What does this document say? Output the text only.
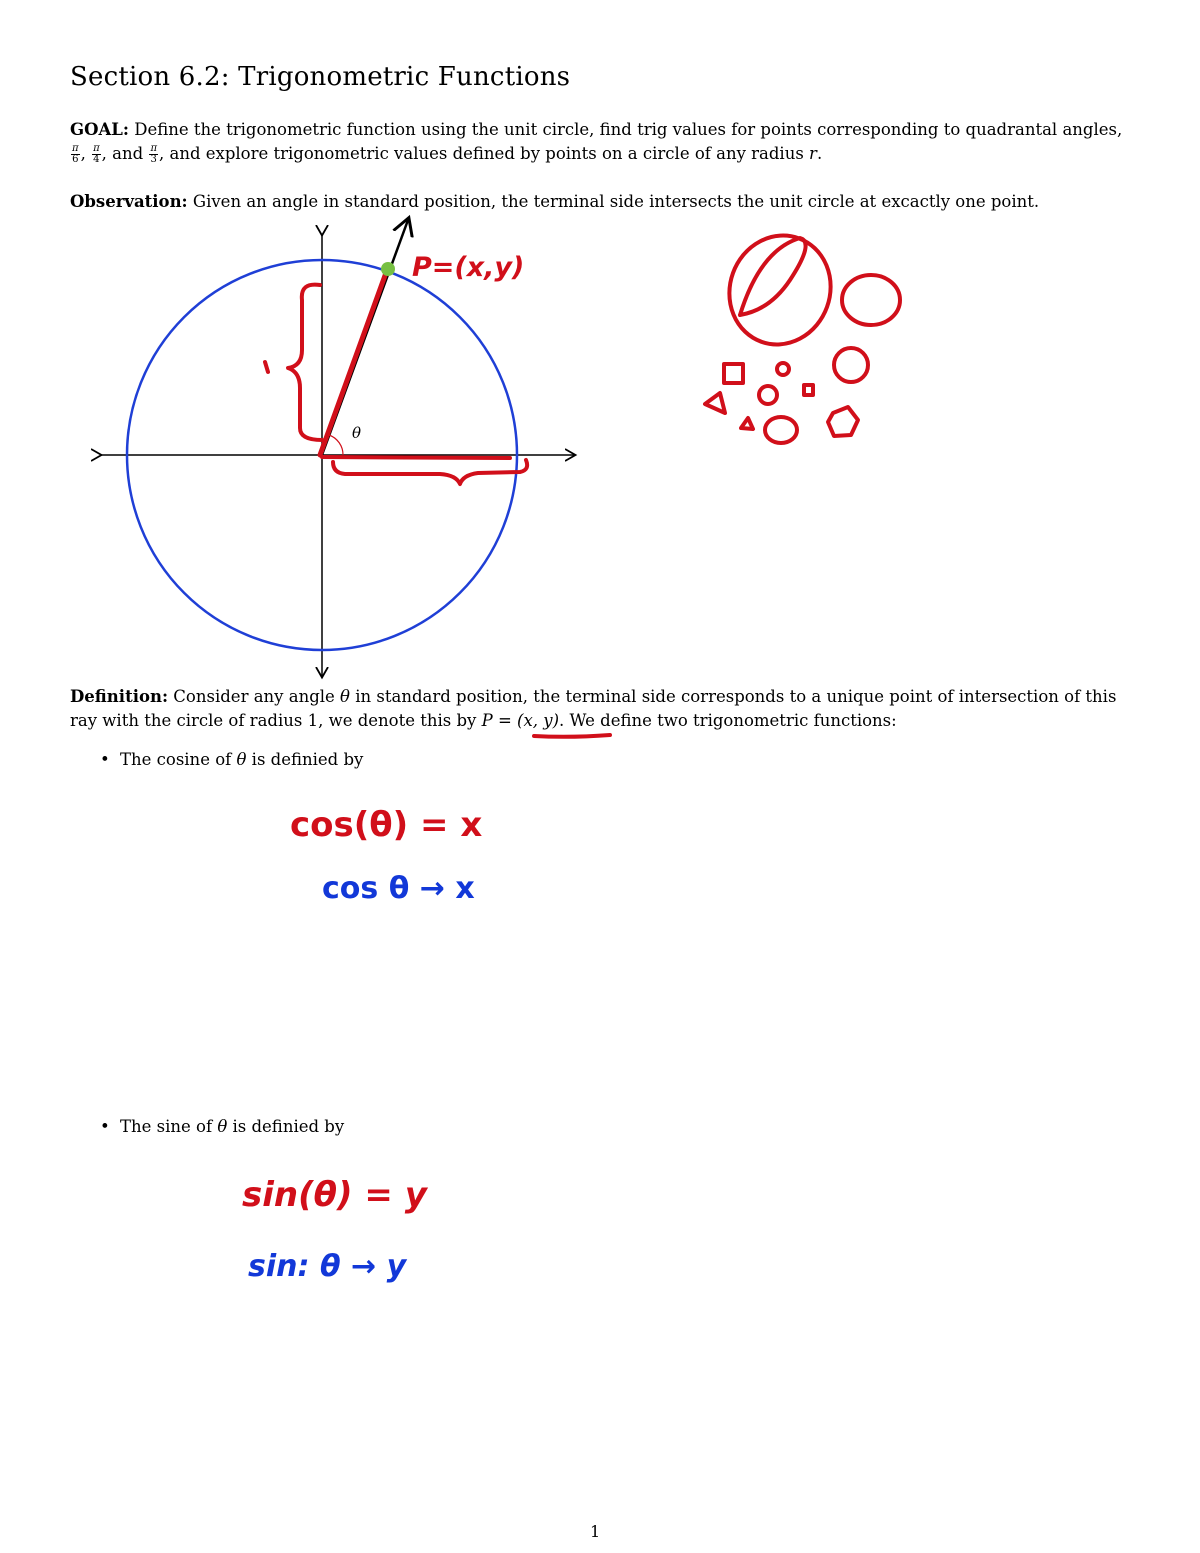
Section 6.2: Trigonometric Functions
GOAL: Define the trigonometric function using the unit circle, find trig values for points corresponding to quadrantal angles,

$\frac{\pi}{6}$ , $\frac{\pi}{4}$ , and $\frac{\pi}{3}$ , and explore trigonometric values defined by points on a circle of any radius r.
Observation: Given an angle in standard position, the terminal side intersects the unit circle at excactly one point.
θ
P=(x,y)
cos(θ) = x
cos θ → x
sin(θ) = y
sin: θ → y
Definition: Consider any angle θ in standard position, the terminal side corresponds to a unique point of intersection of this ray with the circle of radius 1, we denote this by P = (x, y). We define two trigonometric functions:
• The cosine of θ is definied by
• The sine of θ is definied by
1
